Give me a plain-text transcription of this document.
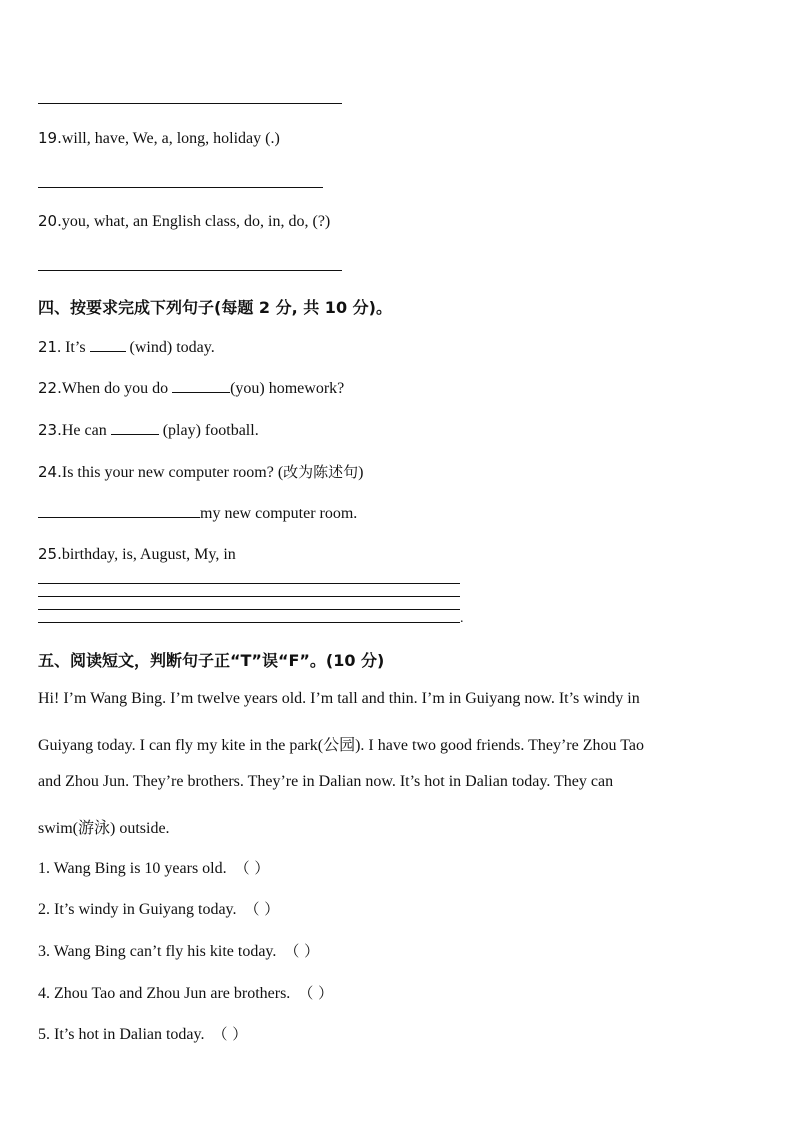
19.will, have, We, a, long, holiday (.)
20.you, what, an English class, do, in, do, (?)
四、按要求完成下列句子(每题 2 分, 共 10 分)。
21. It’s  (wind) today.
22.When do you do	(you) homework?
23.He can	(play) football.
24.Is this your new computer room? (改为陈述句)
my new computer room.
25.birthday, is, August, My, in
.
五、阅读短文，判断句子正“T”误“F”。(10 分)
Hi! I’m Wang Bing. I’m twelve years old. I’m tall and thin. I’m in Guiyang now. It’s windy in
Guiyang today. I can fly my kite in the park(公园). I have two good friends. They’re Zhou Tao
and Zhou Jun. They’re brothers. They’re in Dalian now. It’s hot in Dalian today. They can
swim(游泳) outside.
1. Wang Bing is 10 years old. （ ）
2. It’s windy in Guiyang today. （ ）
3. Wang Bing can’t fly his kite today. （ ）
4. Zhou Tao and Zhou Jun are brothers. （ ）
5. It’s hot in Dalian today. （ ）
